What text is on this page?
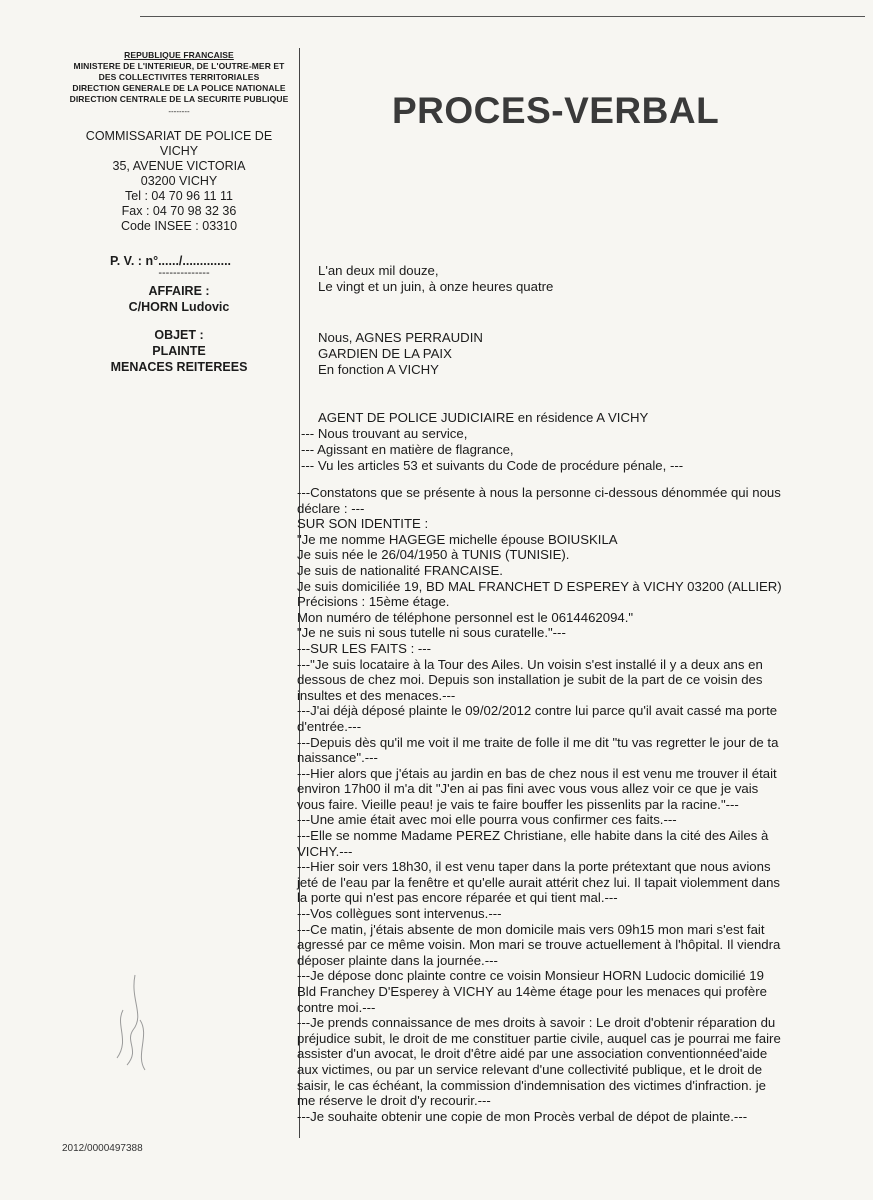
REPUBLIQUE FRANCAISE
MINISTERE DE L'INTERIEUR, DE L'OUTRE-MER ET
DES COLLECTIVITES TERRITORIALES
DIRECTION GENERALE DE LA POLICE NATIONALE
DIRECTION CENTRALE DE LA SECURITE PUBLIQUE
--------
COMMISSARIAT DE POLICE DE
VICHY
35, AVENUE VICTORIA
03200 VICHY
Tel : 04 70 96 11 11
Fax : 04 70 98 32 36
Code INSEE : 03310
P. V. : n°....../..............
--------------
AFFAIRE :
C/HORN Ludovic
OBJET :
PLAINTE
MENACES REITEREES
PROCES-VERBAL
L'an deux mil douze,
Le vingt et un juin, à onze heures quatre
Nous, AGNES PERRAUDIN
GARDIEN DE LA PAIX
En fonction A VICHY
AGENT DE POLICE JUDICIAIRE en résidence A VICHY
--- Nous trouvant au service,
--- Agissant en matière de flagrance,
--- Vu les articles 53 et suivants du Code de procédure pénale, ---
---Constatons que se présente à nous la personne ci-dessous dénommée qui nous
déclare : ---
SUR SON IDENTITE :
"Je me nomme HAGEGE michelle épouse BOIUSKILA
Je suis née le 26/04/1950 à TUNIS (TUNISIE).
Je suis de nationalité FRANCAISE.
Je suis domiciliée 19, BD MAL FRANCHET D ESPEREY à VICHY 03200 (ALLIER)
Précisions : 15ème étage.
Mon numéro de téléphone personnel est le 0614462094."
"Je ne suis ni sous tutelle ni sous curatelle."---
---SUR LES FAITS : ---
---"Je suis locataire à la Tour des Ailes. Un voisin s'est installé il y a deux ans en
dessous de chez moi. Depuis son installation je subit de la part de ce voisin des
insultes et des menaces.---
---J'ai déjà déposé plainte le 09/02/2012 contre lui parce qu'il avait cassé ma porte
d'entrée.---
---Depuis dès qu'il me voit il me traite de folle il me dit "tu vas regretter le jour de ta
naissance".---
---Hier alors que j'étais au jardin en bas de chez nous il est venu me trouver il était
environ 17h00 il m'a dit "J'en ai pas fini avec vous vous allez voir ce que je vais
vous faire. Vieille peau! je vais te faire bouffer les pissenlits par la racine."---
---Une amie était avec moi elle pourra vous confirmer ces faits.---
---Elle se nomme Madame PEREZ Christiane, elle habite dans la cité des Ailes à
VICHY.---
---Hier soir vers 18h30, il est venu taper dans la porte prétextant que nous avions
jeté de l'eau par la fenêtre et qu'elle aurait attérit chez lui. Il tapait violemment dans
la porte qui n'est pas encore réparée et qui tient mal.---
---Vos collègues sont intervenus.---
---Ce matin, j'étais absente de mon domicile mais vers 09h15 mon mari s'est fait
agressé par ce même voisin. Mon mari se trouve actuellement à l'hôpital. Il viendra
déposer plainte dans la journée.---
---Je dépose donc plainte contre ce voisin Monsieur HORN Ludocic domicilié 19
Bld Franchey D'Esperey à VICHY au 14ème étage pour les menaces qui profère
contre moi.---
---Je prends connaissance de mes droits à savoir : Le droit d'obtenir réparation du
préjudice subit, le droit de me constituer partie civile, auquel cas je pourrai me faire
assister d'un avocat, le droit d'être aidé par une association conventionnéed'aide
aux victimes, ou par un service relevant d'une collectivité publique, et le droit de
saisir, le cas échéant, la commission d'indemnisation des victimes d'infraction. je
me réserve le droit d'y recourir.---
---Je souhaite obtenir une copie de mon Procès verbal de dépot de plainte.---
2012/0000497388
